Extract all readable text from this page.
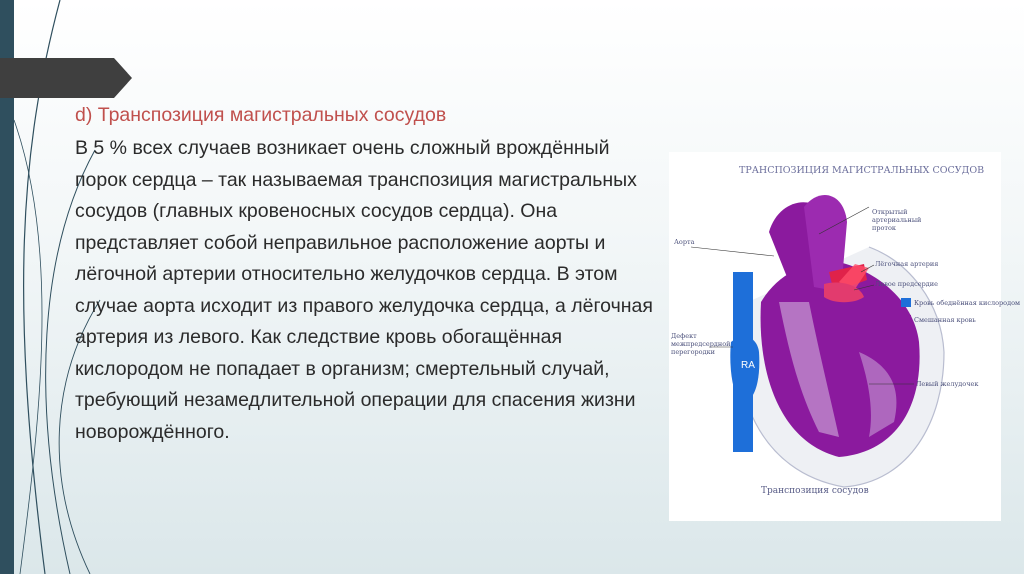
d) Транспозиция магистральных сосудов

В 5 % всех случаев возникает очень сложный врождённый порок сердца – так называемая транспозиция магистральных сосудов (главных кровеносных сосудов сердца). Она представляет собой неправильное расположение аорты и лёгочной артерии относительно желудочков сердца. В этом случае аорта исходит из правого желудочка сердца, а лёгочная артерия из левого. Как следствие кровь обогащённая кислородом не попадает в организм; смертельный случай, требующий незамедлительной операции для спасения жизни новорождённого.

ТРАНСПОЗИЦИЯ МАГИСТРАЛЬНЫХ СОСУДОВ
Аорта
Открытый артериальный проток
Лёгочная артерия
Левое предсердие
Дефект межпредсердной перегородки
Левый желудочек
RA
Кровь обеднённая кислородом
Смешанная кровь
Транспозиция сосудов
